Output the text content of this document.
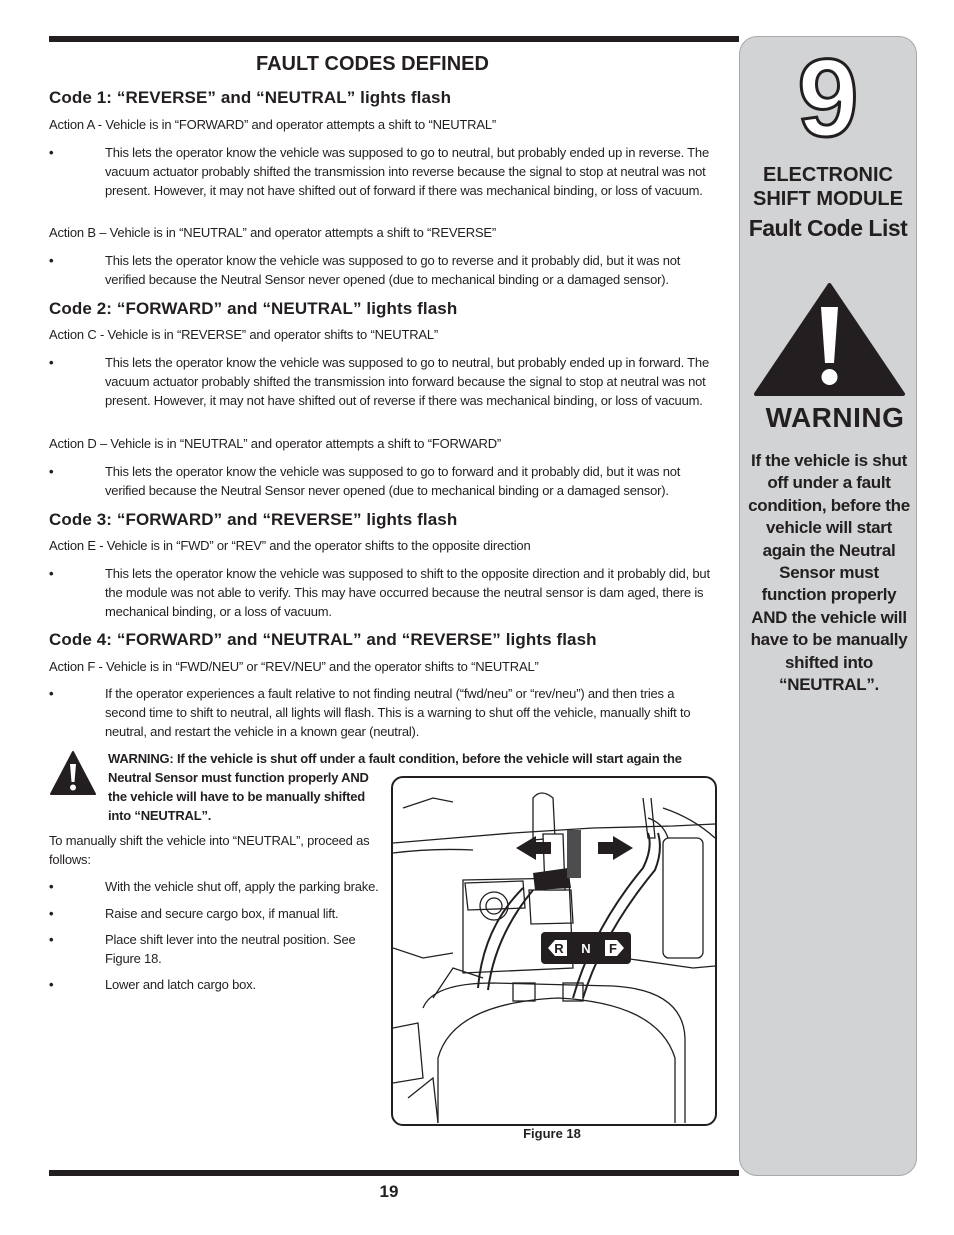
FAULT CODES DEFINED
Code 1: “REVERSE” and “NEUTRAL” lights flash

Action A - Vehicle is in “FORWARD” and operator attempts a shift to “NEUTRAL”

•	This lets the operator know the vehicle was supposed to go to neutral, but probably ended up in reverse. The vacuum actuator probably shifted the transmission into reverse because the signal to stop at neutral was not present. However, it may not have shifted out of forward if there was mechanical binding, or loss of vacuum.

Action B – Vehicle is in “NEUTRAL” and operator attempts a shift to “REVERSE”

•	This lets the operator know the vehicle was supposed to go to reverse and it probably did, but it was not verified because the Neutral Sensor never opened (due to mechanical binding or a damaged sensor).
Code 2: “FORWARD” and “NEUTRAL” lights flash

Action C - Vehicle is in “REVERSE” and operator shifts to “NEUTRAL”

•	This lets the operator know the vehicle was supposed to go to neutral, but probably ended up in forward. The vacuum actuator probably shifted the transmission into forward because the signal to stop at neutral was not present. However, it may not have shifted out of reverse if there was mechanical binding, or loss of vacuum.

Action D – Vehicle is in “NEUTRAL” and operator attempts a shift to “FORWARD”

•	This lets the operator know the vehicle was supposed to go to forward and it probably did, but it was not verified because the Neutral Sensor never opened (due to mechanical binding or a damaged sensor).
Code 3: “FORWARD” and “REVERSE” lights flash

Action E - Vehicle is in “FWD” or “REV” and the operator shifts to the opposite direction

•	This lets the operator know the vehicle was supposed to shift to the opposite direction and it probably did, but the module was not able to verify. This may have occurred because the neutral sensor is dam aged, there is mechanical binding, or a loss of vacuum.
Code 4: “FORWARD” and “NEUTRAL” and “REVERSE” lights flash

Action F - Vehicle is in “FWD/NEU” or “REV/NEU” and the operator shifts to “NEUTRAL”

•	If the operator experiences a fault relative to not finding neutral (“fwd/neu” or “rev/neu”) and then tries a second time to shift to neutral, all lights will flash. This is a warning to shut off the vehicle, manually shift to neutral, and restart the vehicle in a known gear (neutral).
WARNING: If the vehicle is shut off under a fault condition, before the vehicle will start again the
Neutral Sensor must function properly AND
the vehicle will have to be manually shifted
into “NEUTRAL”.

To manually shift the vehicle into “NEUTRAL”, proceed as follows:

•	With the vehicle shut off, apply the parking brake.
•	Raise and secure cargo box, if manual lift.
•	Place shift lever into the neutral position. See Figure 18.
•	Lower and latch cargo box.
R N F
Figure 18
19
9
ELECTRONIC
SHIFT MODULE
Fault Code List
WARNING
If the vehicle is shut off under a fault condition, before the vehicle will start again the Neutral Sensor must function properly AND the vehicle will have to be manually shifted into “NEUTRAL”.
